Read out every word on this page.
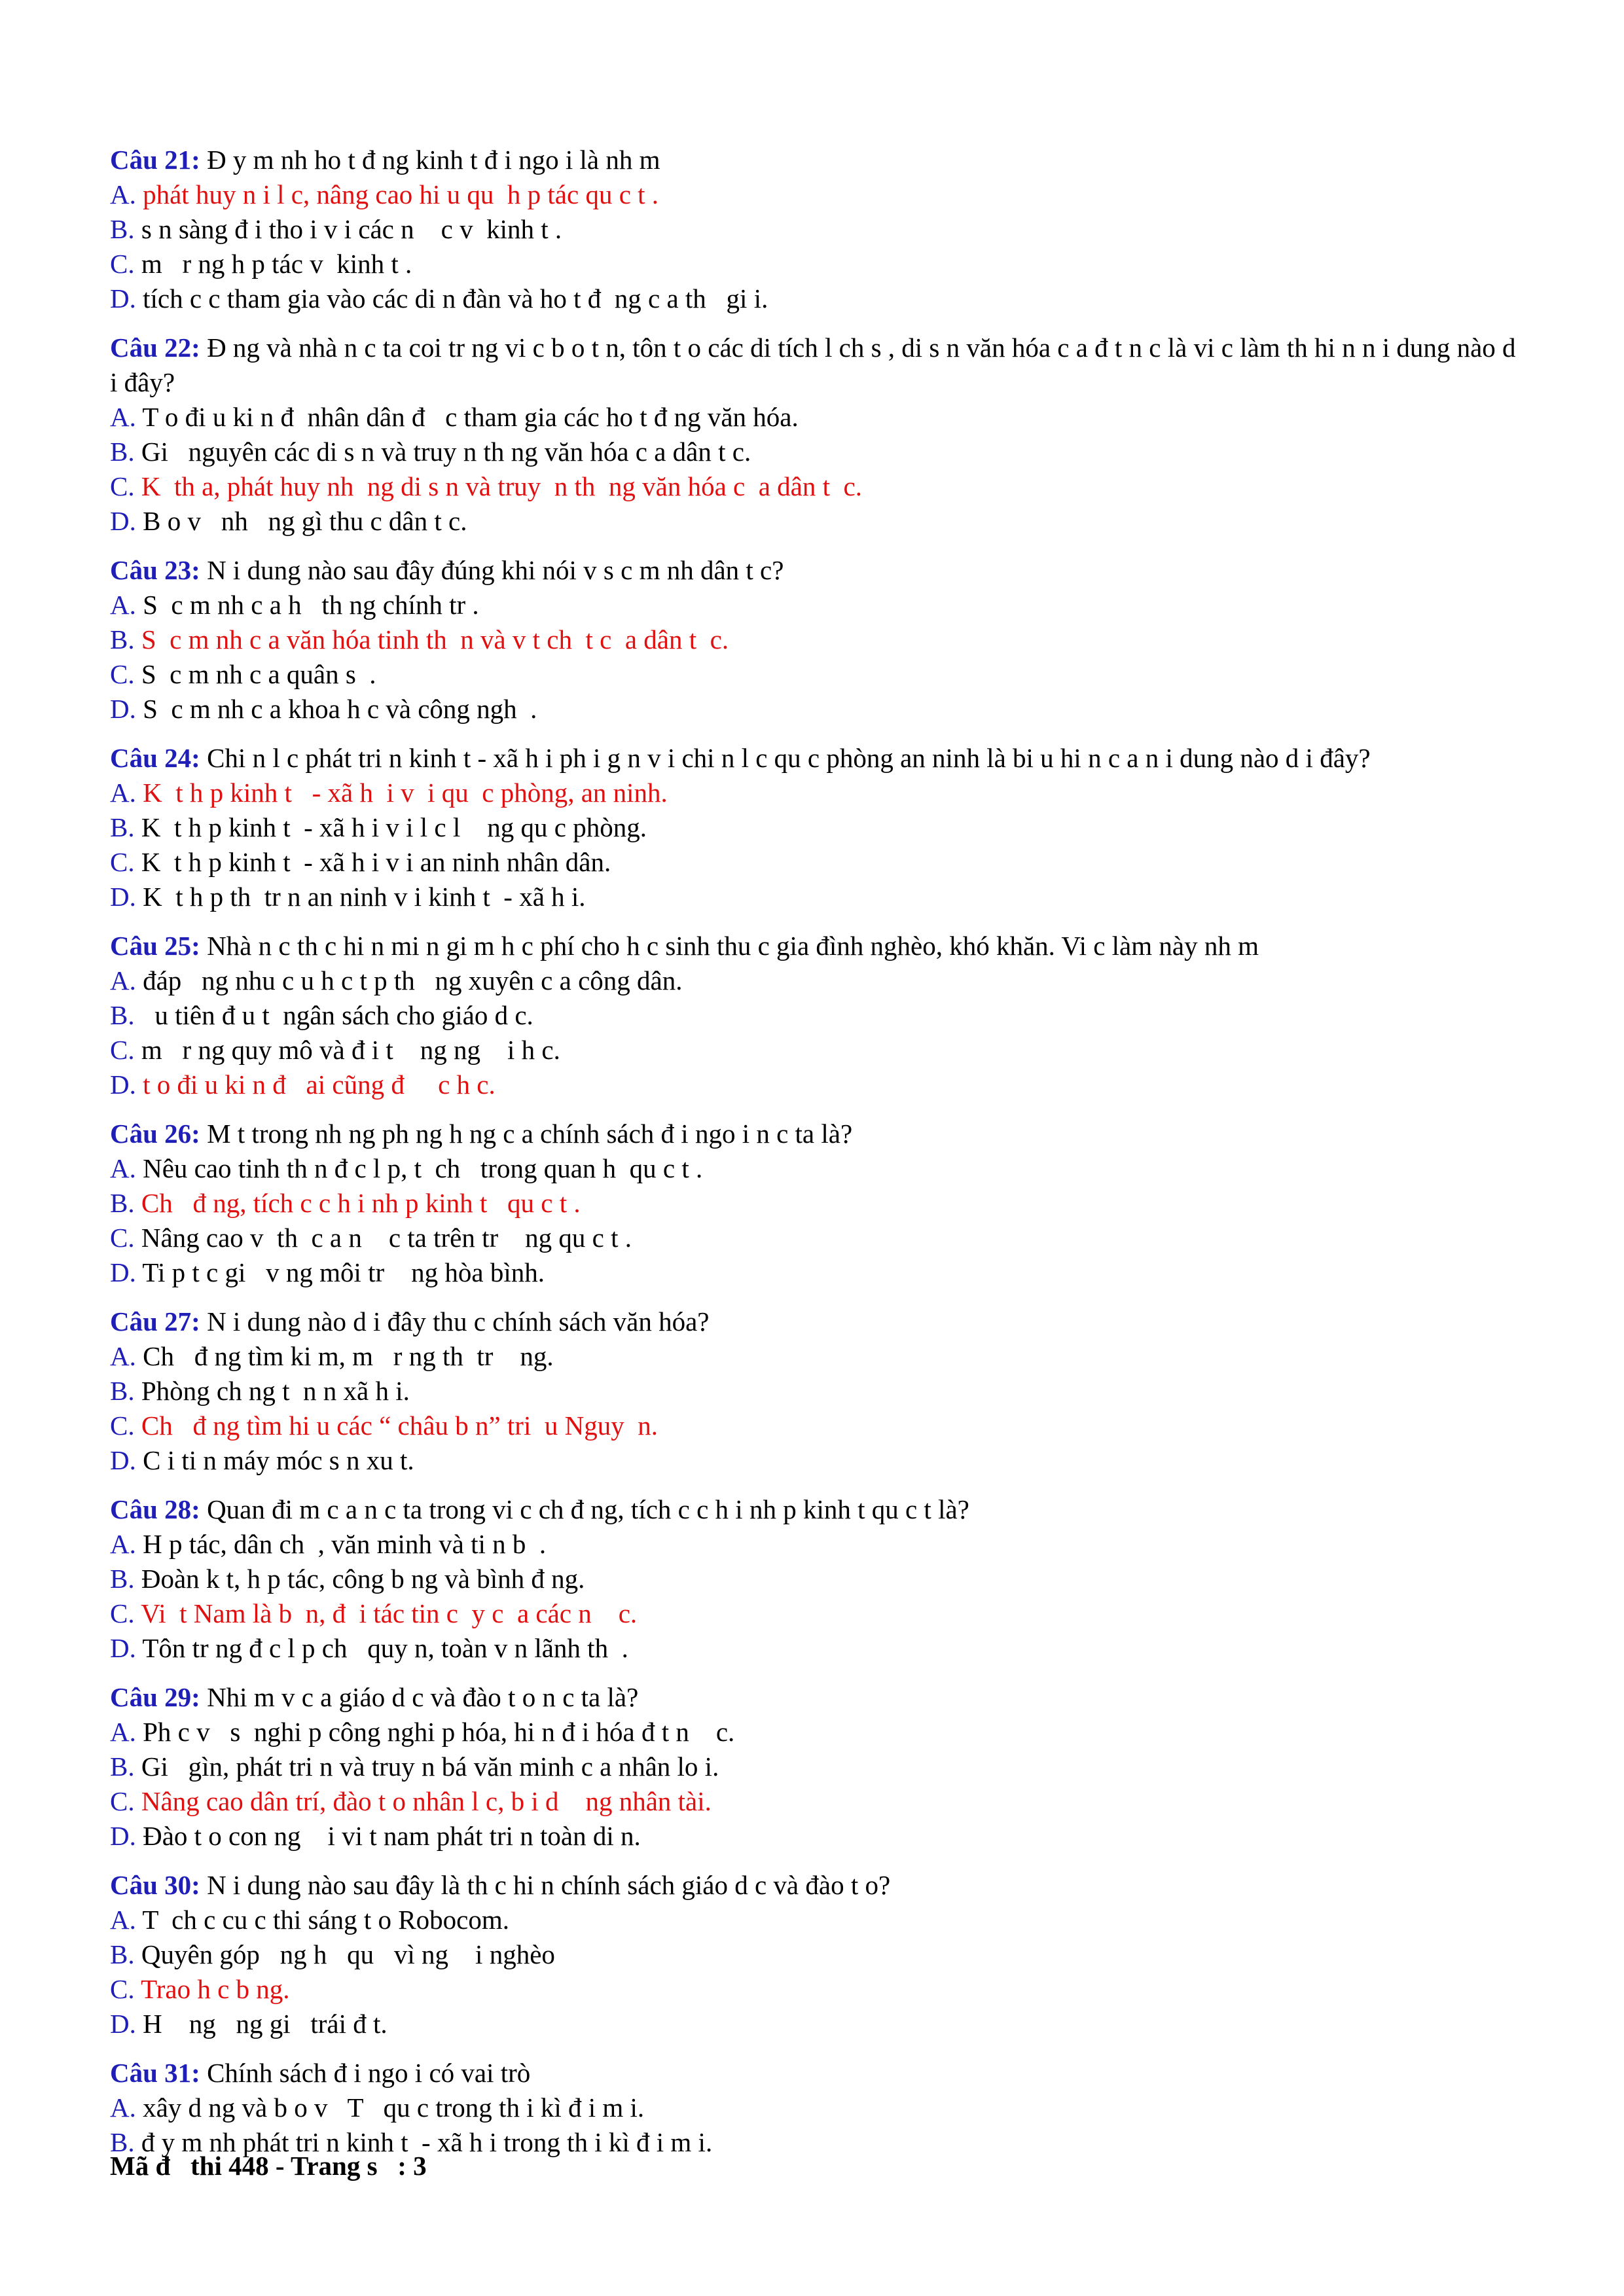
Câu 21: Đ y m nh ho t đ ng kinh t đ i ngo i là nh m
A. phát huy n i l c, nâng cao hi u qu  h p tác qu c t .
B. s n sàng đ i tho i v i các n    c v  kinh t .
C. m   r ng h p tác v  kinh t .
D. tích c c tham gia vào các di n đàn và ho t đ  ng c a th   gi i.
Câu 22: Đ ng và nhà n c ta coi tr ng vi c b o t n, tôn t o các di tích l ch s , di s n văn hóa c a đ t n c là vi c làm th hi n n i dung nào d i đây?
A. T o đi u ki n đ  nhân dân đ   c tham gia các ho t đ ng văn hóa.
B. Gi   nguyên các di s n và truy n th ng văn hóa c a dân t c.
C. K  th a, phát huy nh  ng di s n và truy  n th  ng văn hóa c  a dân t  c.
D. B o v   nh   ng gì thu c dân t c.
Câu 23: N i dung nào sau đây đúng khi nói v s c m nh dân t c?
A. S  c m nh c a h   th ng chính tr .
B. S  c m nh c a văn hóa tinh th  n và v t ch  t c  a dân t  c.
C. S  c m nh c a quân s  .
D. S  c m nh c a khoa h c và công ngh  .
Câu 24: Chi n l c phát tri n kinh t - xã h i ph i g n v i chi n l c qu c phòng an ninh là bi u hi n c a n i dung nào d i đây?
A. K  t h p kinh t   - xã h  i v  i qu  c phòng, an ninh.
B. K  t h p kinh t  - xã h i v i l c l    ng qu c phòng.
C. K  t h p kinh t  - xã h i v i an ninh nhân dân.
D. K  t h p th  tr n an ninh v i kinh t  - xã h i.
Câu 25: Nhà n c th c hi n mi n gi m h c phí cho h c sinh thu c gia đình nghèo, khó khăn. Vi c làm này nh m
A. đáp   ng nhu c u h c t p th   ng xuyên c a công dân.
B.   u tiên đ u t  ngân sách cho giáo d c.
C. m   r ng quy mô và đ i t    ng ng    i h c.
D. t o đi u ki n đ   ai cũng đ     c h c.
Câu 26: M t trong nh ng ph ng h ng c a chính sách đ i ngo i n c ta là?
A. Nêu cao tinh th n đ c l p, t  ch   trong quan h  qu c t .
B. Ch   đ ng, tích c c h i nh p kinh t   qu c t .
C. Nâng cao v  th  c a n    c ta trên tr    ng qu c t .
D. Ti p t c gi   v ng môi tr    ng hòa bình.
Câu 27: N i dung nào d i đây thu c chính sách văn hóa?
A. Ch   đ ng tìm ki m, m   r ng th  tr    ng.
B. Phòng ch ng t  n n xã h i.
C. Ch   đ ng tìm hi u các “ châu b n” tri  u Nguy  n.
D. C i ti n máy móc s n xu t.
Câu 28: Quan đi m c a n c ta trong vi c ch đ ng, tích c c h i nh p kinh t qu c t là?
A. H p tác, dân ch  , văn minh và ti n b  .
B. Đoàn k t, h p tác, công b ng và bình đ ng.
C. Vi  t Nam là b  n, đ  i tác tin c  y c  a các n    c.
D. Tôn tr ng đ c l p ch   quy n, toàn v n lãnh th  .
Câu 29: Nhi m v c a giáo d c và đào t o n c ta là?
A. Ph c v   s  nghi p công nghi p hóa, hi n đ i hóa đ t n    c.
B. Gi   gìn, phát tri n và truy n bá văn minh c a nhân lo i.
C. Nâng cao dân trí, đào t o nhân l c, b i d    ng nhân tài.
D. Đào t o con ng    i vi t nam phát tri n toàn di n.
Câu 30: N i dung nào sau đây là th c hi n chính sách giáo d c và đào t o?
A. T  ch c cu c thi sáng t o Robocom.
B. Quyên góp   ng h   qu   vì ng    i nghèo
C. Trao h c b ng.
D. H    ng   ng gi   trái đ t.
Câu 31: Chính sách đ i ngo i có vai trò
A. xây d ng và b o v   T   qu c trong th i kì đ i m i.
B. đ y m nh phát tri n kinh t  - xã h i trong th i kì đ i m i.
Mã đ   thi 448 - Trang s   : 3
